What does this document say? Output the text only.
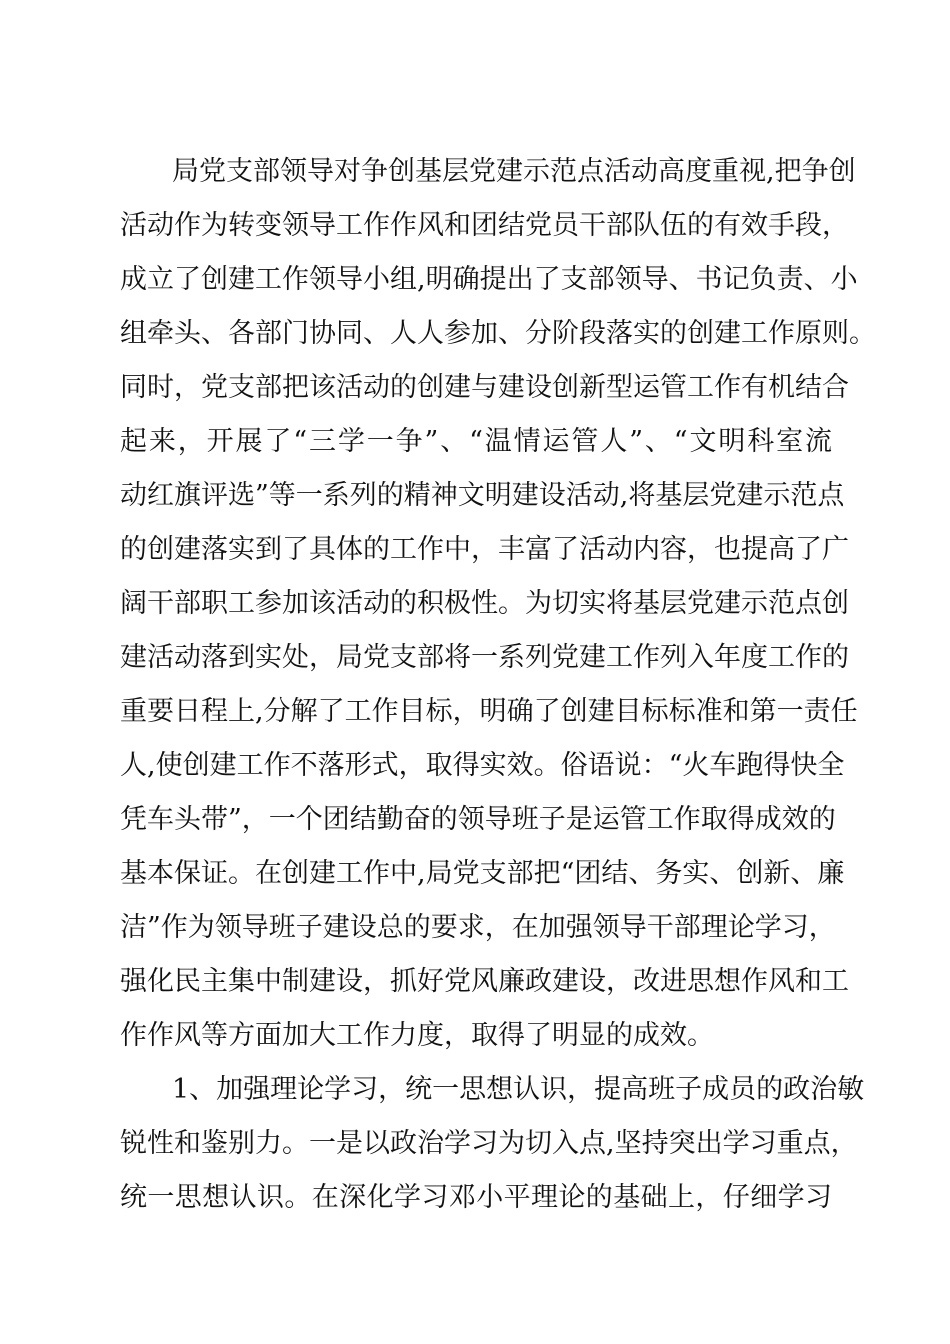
局党支部领导对争创基层党建示范点活动高度重视,把争创
活动作为转变领导工作作风和团结党员干部队伍的有效手段，
成立了创建工作领导小组,明确提出了支部领导、书记负责、小
组牵头、各部门协同、人人参加、分阶段落实的创建工作原则。
同时，党支部把该活动的创建与建设创新型运管工作有机结合
起来，开展了“三学一争”、“温情运管人”、“文明科室流
动红旗评选”等一系列的精神文明建设活动,将基层党建示范点
的创建落实到了具体的工作中，丰富了活动内容，也提高了广
阔干部职工参加该活动的积极性。为切实将基层党建示范点创
建活动落到实处，局党支部将一系列党建工作列入年度工作的
重要日程上,分解了工作目标，明确了创建目标标准和第一责任
人,使创建工作不落形式，取得实效。俗语说：“火车跑得快全
凭车头带”，一个团结勤奋的领导班子是运管工作取得成效的
基本保证。在创建工作中,局党支部把“团结、务实、创新、廉
洁”作为领导班子建设总的要求，在加强领导干部理论学习，
强化民主集中制建设，抓好党风廉政建设，改进思想作风和工
作作风等方面加大工作力度，取得了明显的成效。
1、加强理论学习，统一思想认识，提高班子成员的政治敏
锐性和鉴别力。一是以政治学习为切入点,坚持突出学习重点，
统一思想认识。在深化学习邓小平理论的基础上，仔细学习
